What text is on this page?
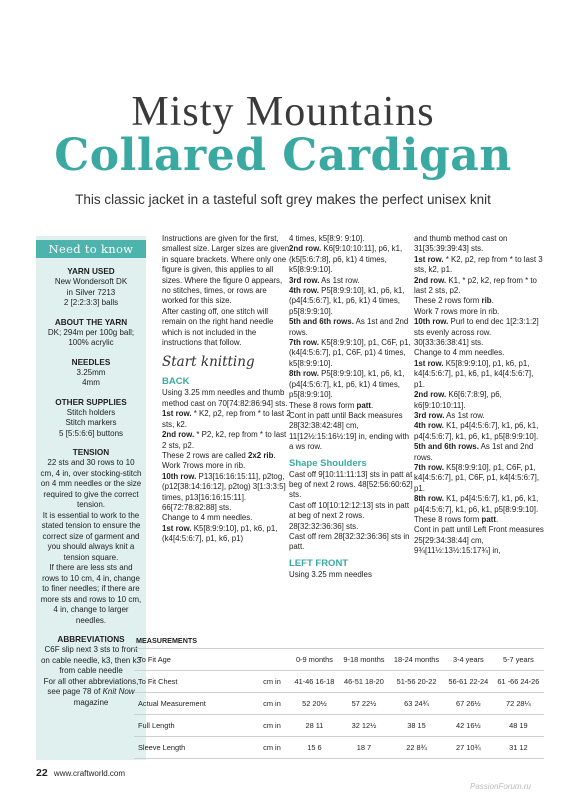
Misty Mountains
Collared Cardigan
This classic jacket in a tasteful soft grey makes the perfect unisex knit
Need to know
YARN USED

New Wondersoft DK

in Silver 7213

2 [2:2:3:3] balls

ABOUT THE YARN

DK; 294m per 100g ball;

100% acrylic

NEEDLES

3.25mm

4mm

OTHER SUPPLIES

Stitch holders

Stitch markers

5 [5:5:6:6] buttons

TENSION

22 sts and 30 rows to 10 cm, 4 in, over stocking-stitch on 4 mm needles or the size required to give the correct tension.

It is essential to work to the stated tension to ensure the correct size of garment and you should always knit a tension square.

If there are less sts and rows to 10 cm, 4 in, change to finer needles; if there are more sts and rows to 10 cm, 4 in, change to larger needles.

ABBREVIATIONS

C6F slip next 3 sts to front on cable needle, k3, then k3 from cable needle

For all other abbreviations, see page 78 of Knit Now magazine

Instructions are given for the first, smallest size. Larger sizes are given in square brackets. Where only one figure is given, this applies to all sizes. Where the figure 0 appears, no stitches, times, or rows are worked for this size.

After casting off, one stitch will remain on the right hand needle which is not included in the instructions that follow.

Start knitting
BACK

Using 3.25 mm needles and thumb method cast on 70[74:82:86:94] sts.

1st row. * K2, p2, rep from * to last 2 sts, k2.

2nd row. * P2, k2, rep from * to last 2 sts, p2.

These 2 rows are called 2x2 rib.

Work 7rows more in rib.

10th row. P13[16:16:15:11], p2tog, (p12[38:14:16:12], p2tog) 3[1:3:3:5] times, p13[16:16:15:11]. 66[72:78:82:88] sts.

Change to 4 mm needles.

1st row. K5[8:9:9:10], p1, k6, p1, (k4[4:5:6:7], p1, k6, p1)

4 times, k5[8:9: 9:10].

2nd row. K6[9:10:10:11], p6, k1, (k5[5:6:7:8], p6, k1) 4 times, k5[8:9:9:10].

3rd row. As 1st row.

4th row. P5[8:9:9:10], k1, p6, k1, (p4[4:5:6:7], k1, p6, k1) 4 times, p5[8:9:9:10].

5th and 6th rows. As 1st and 2nd rows.

7th row. K5[8:9:9:10], p1, C6F, p1, (k4[4:5:6:7], p1, C6F, p1) 4 times, k5[8:9:9:10].

8th row. P5[8:9:9:10], k1, p6, k1, (p4[4:5:6:7], k1, p6, k1) 4 times, p5[8:9:9:10].

These 8 rows form patt.

Cont in patt until Back measures 28[32:38:42:48] cm, 11[12½:15:16½:19] in, ending with a ws row.

Shape Shoulders

Cast off 9[10:11:11:13] sts in patt at beg of next 2 rows. 48[52:56:60:62] sts.

Cast off 10[10:12:12:13] sts in patt at beg of next 2 rows. 28[32:32:36:36] sts.

Cast off rem 28[32:32:36:36] sts in patt.

LEFT FRONT

Using 3.25 mm needles

and thumb method cast on 31[35:39:39:43] sts.

1st row. * K2, p2, rep from * to last 3 sts, k2, p1.

2nd row. K1, * p2, k2, rep from * to last 2 sts, p2.

These 2 rows form rib.

Work 7 rows more in rib.

10th row. Purl to end dec 1[2:3:1:2] sts evenly across row. 30[33:36:38:41] sts.

Change to 4 mm needles.

1st row. K5[8:9:9:10], p1, k6, p1, k4[4:5:6:7], p1, k6, p1, k4[4:5:6:7], p1.

2nd row. K6[6:7:8:9], p6, k6[9:10:10:11].

3rd row. As 1st row.

4th row. K1, p4[4:5:6:7], k1, p6, k1, p4[4:5:6:7], k1, p6, k1, p5[8:9:9:10].

5th and 6th rows. As 1st and 2nd rows.

7th row. K5[8:9:9:10], p1, C6F, p1, k4[4:5:6:7], p1, C6F, p1, k4[4:5:6:7], p1.

8th row. K1, p4[4:5:6:7], k1, p6, k1, p4[4:5:6:7], k1, p6, k1, p5[8:9:9:10].

These 8 rows form patt.

Cont in patt until Left Front measures 25[29:34:38:44] cm, 9¾[11½:13½:15:17¾] in,

MEASUREMENTS						
To Fit Age		0-9 months	9-18 months	18-24 months	3-4 years	5-7 years
To Fit Chest	cm in	41-46 16-18	46-51 18-20	51-56 20-22	56-61 22-24	61 -66 24-26
Actual Measurement	cm in	52 20½	57 22½	63 24¾	67 26½	72 28¼
Full Length	cm in	28 11	32 12½	38 15	42 16½	48 19
Sleeve Length	cm in	15 6	18 7	22 8¾	27 10¾	31 12
22 www.craftworld.com
PassionForum.ru
